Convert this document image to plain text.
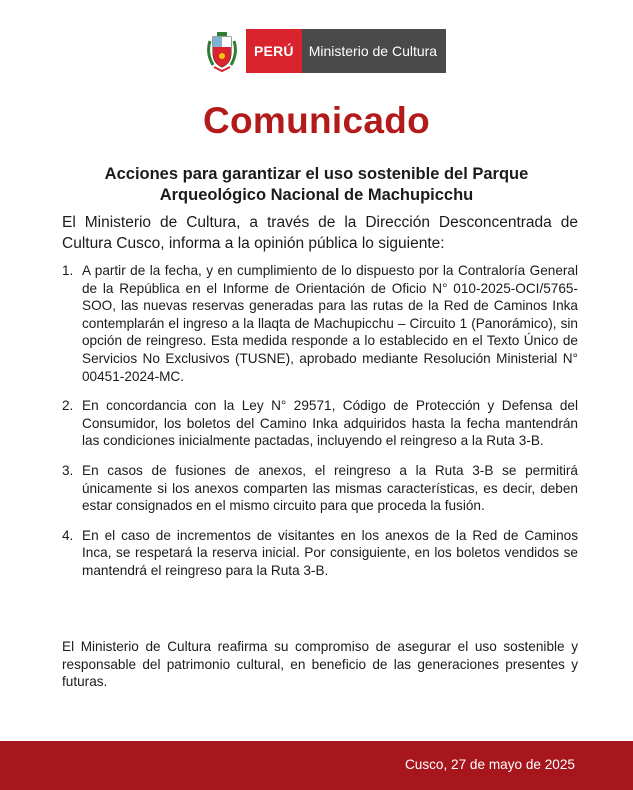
PERÚ	Ministerio de Cultura
Comunicado
Acciones para garantizar el uso sostenible del Parque Arqueológico Nacional de Machupicchu

El Ministerio de Cultura, a través de la Dirección Desconcentrada de Cultura Cusco, informa a la opinión pública lo siguiente:

1. A partir de la fecha, y en cumplimiento de lo dispuesto por la Contraloría General de la República en el Informe de Orientación de Oficio N° 010-2025-OCI/5765-SOO, las nuevas reservas generadas para las rutas de la Red de Caminos Inka contemplarán el ingreso a la llaqta de Machupicchu – Circuito 1 (Panorámico), sin opción de reingreso. Esta medida responde a lo establecido en el Texto Único de Servicios No Exclusivos (TUSNE), aprobado mediante Resolución Ministerial N° 00451-2024-MC.
2. En concordancia con la Ley N° 29571, Código de Protección y Defensa del Consumidor, los boletos del Camino Inka adquiridos hasta la fecha mantendrán las condiciones inicialmente pactadas, incluyendo el reingreso a la Ruta 3-B.
3. En casos de fusiones de anexos, el reingreso a la Ruta 3-B se permitirá únicamente si los anexos comparten las mismas características, es decir, deben estar consignados en el mismo circuito para que proceda la fusión.
4. En el caso de incrementos de visitantes en los anexos de la Red de Caminos Inca, se respetará la reserva inicial. Por consiguiente, en los boletos vendidos se mantendrá el reingreso para la Ruta 3-B.

El Ministerio de Cultura reafirma su compromiso de asegurar el uso sostenible y responsable del patrimonio cultural, en beneficio de las generaciones presentes y futuras.

Cusco, 27 de mayo de 2025
